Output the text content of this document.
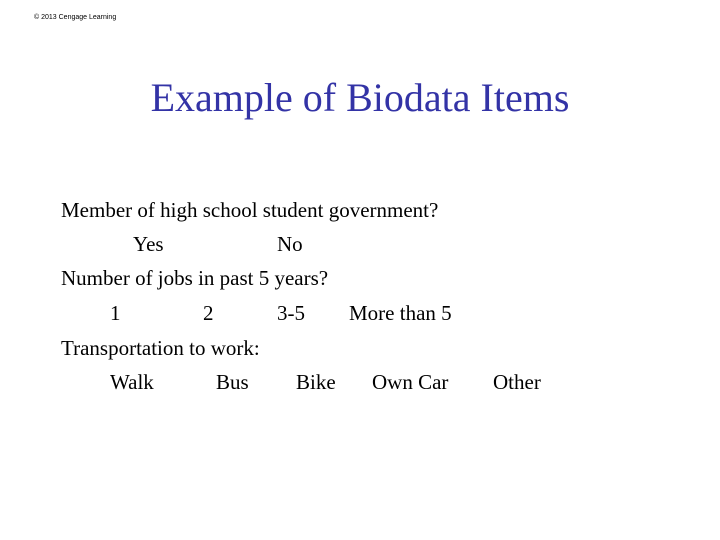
© 2013 Cengage Learning
Example of Biodata Items
Member of high school student government?
Yes	No
Number of jobs in past 5 years?
1	2	3-5 More than 5
Transportation to work:
Walk	Bus Bike Own Car Other
